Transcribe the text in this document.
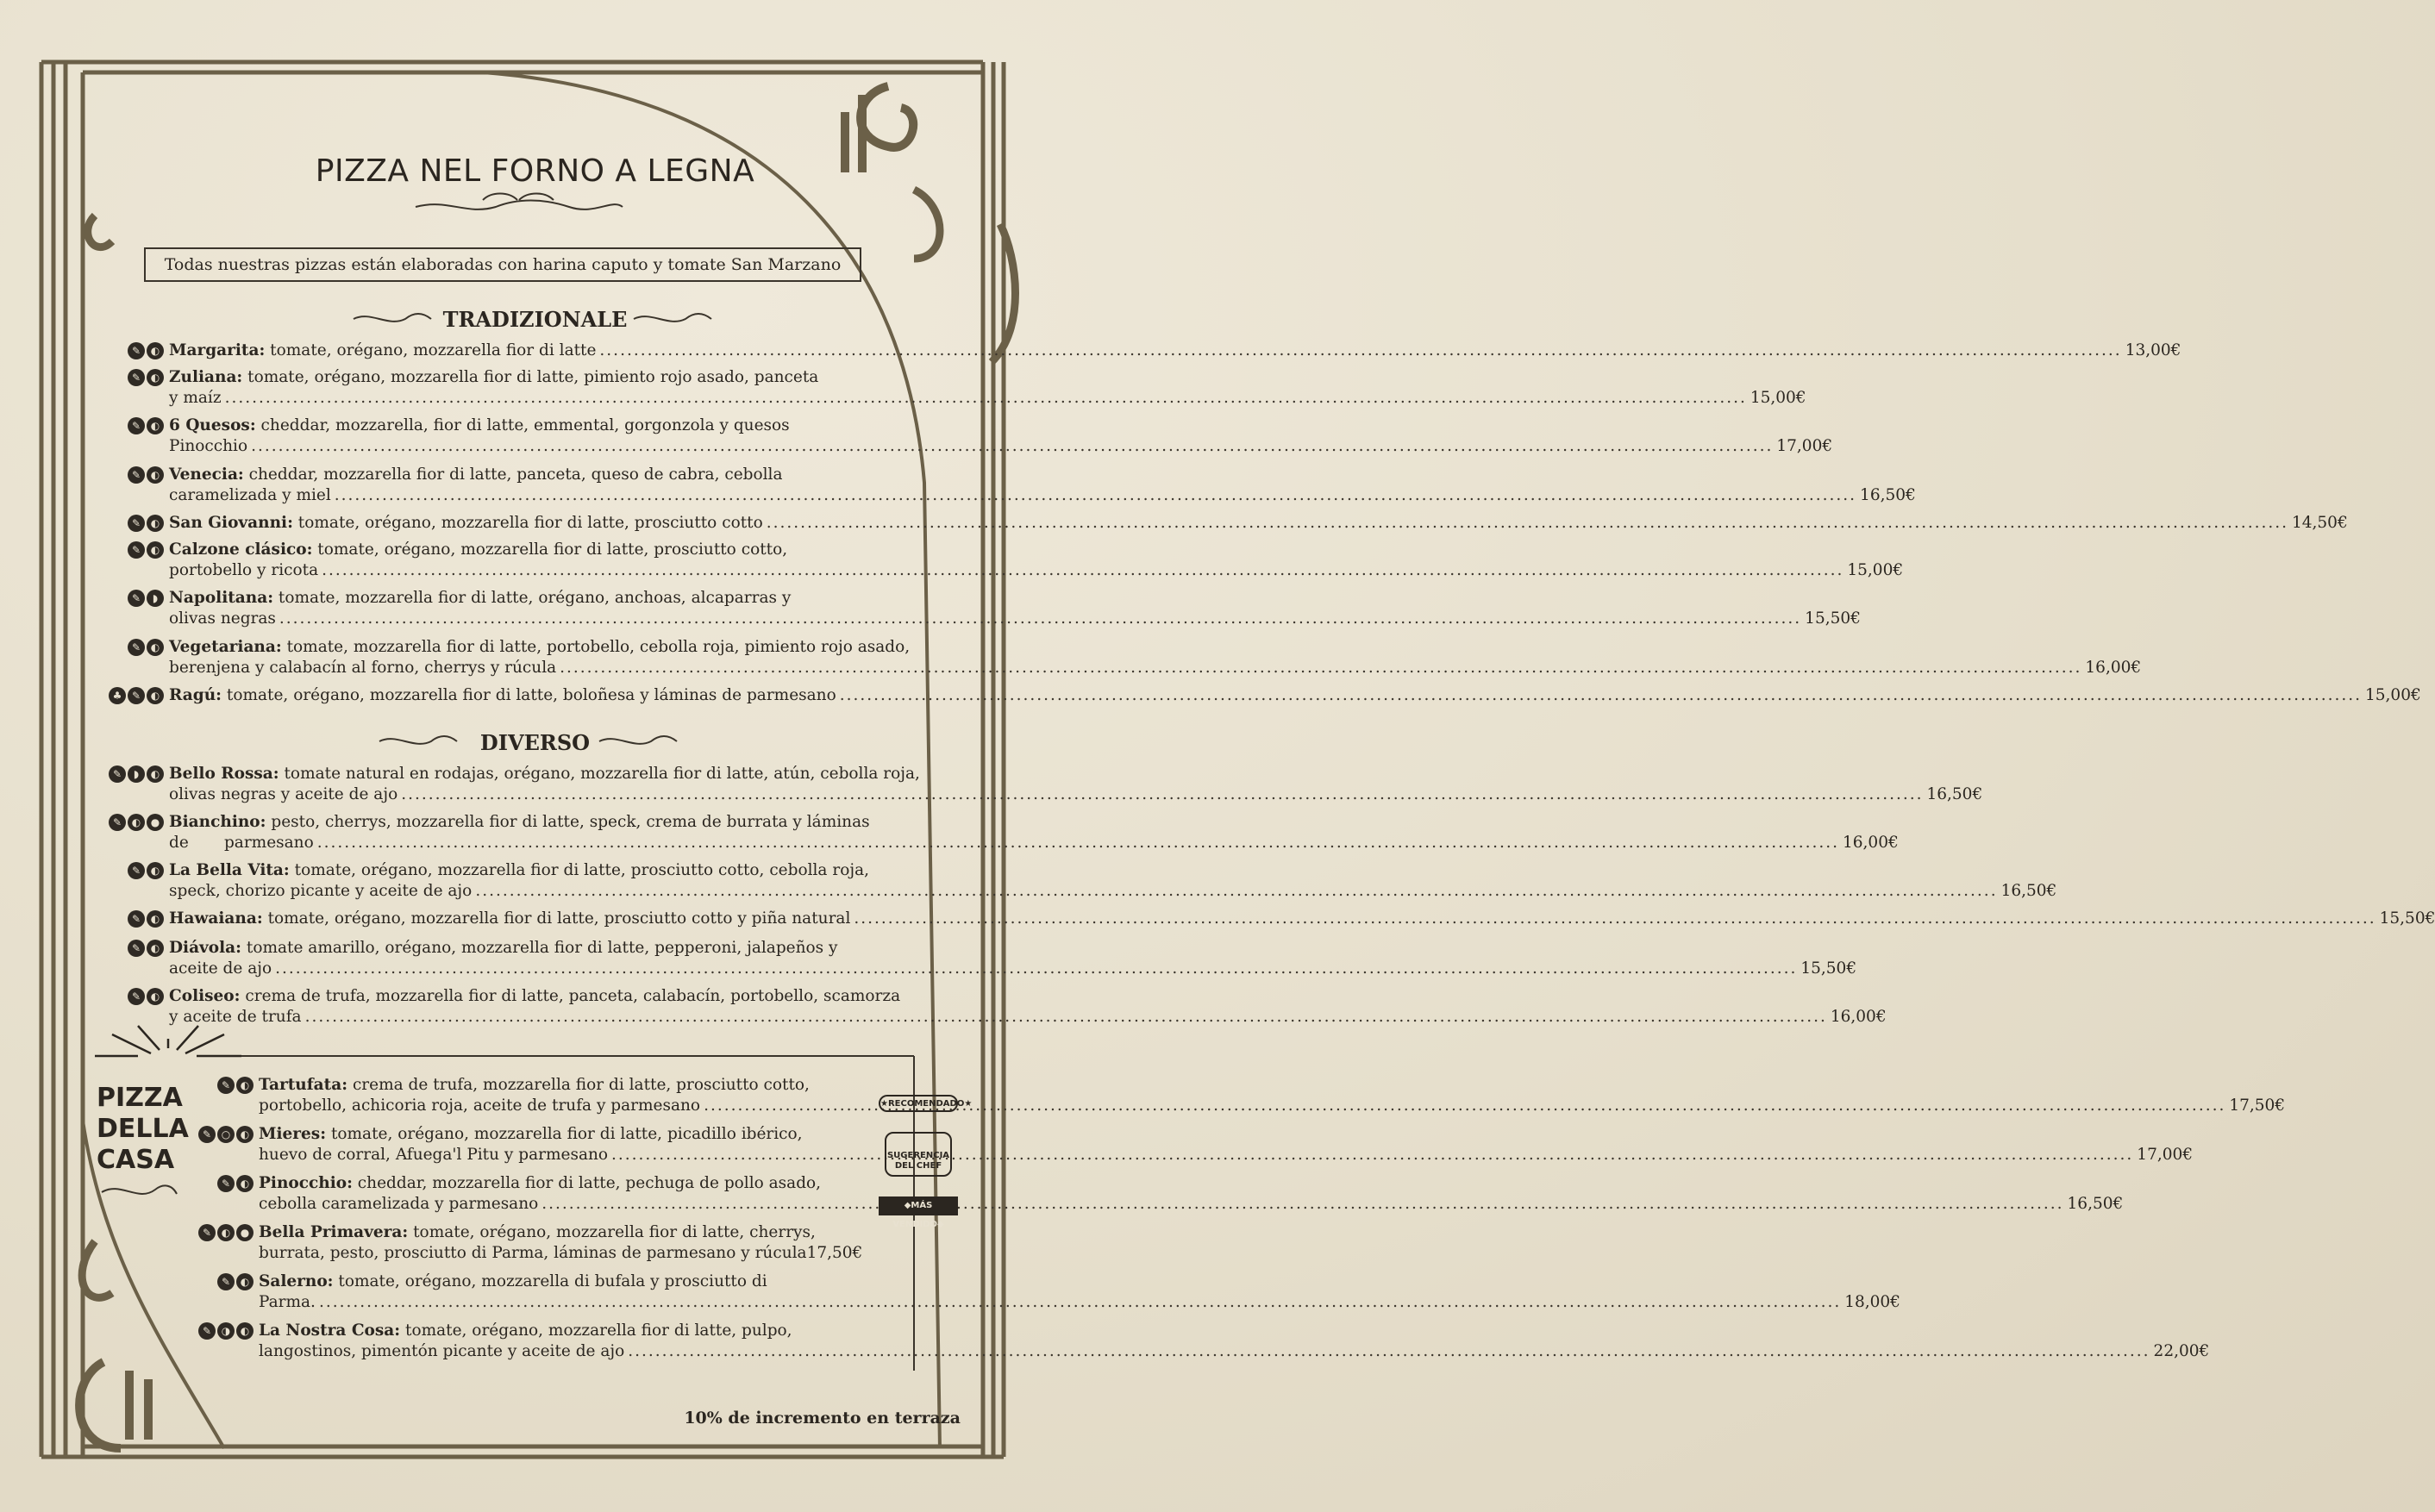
PIZZA NEL FORNO A LEGNA
Todas nuestras pizzas están elaboradas con harina caputo y tomate San Marzano
TRADIZIONALE
✎ ◐ Margarita: tomate, orégano, mozzarella fior di latte .....	13,00€
✎ ◐ Zuliana: tomate, orégano, mozzarella fior di latte, pimiento rojo asado, panceta
y maíz .....	15,00€
✎ ◐ 6 Quesos: cheddar, mozzarella, fior di latte, emmental, gorgonzola y quesos
Pinocchio .....	17,00€
✎ ◐ Venecia: cheddar, mozzarella fior di latte, panceta, queso de cabra, cebolla
caramelizada y miel .....	16,50€
✎ ◐ San Giovanni: tomate, orégano, mozzarella fior di latte, prosciutto cotto .....	14,50€
✎ ◐ Calzone clásico: tomate, orégano, mozzarella fior di latte, prosciutto cotto,
portobello y ricota .....	15,00€
✎	◗ Napolitana: tomate, mozzarella fior di latte, orégano, anchoas, alcaparras y
olivas negras .....	15,50€
✎ ◐ Vegetariana: tomate, mozzarella fior di latte, portobello, cebolla roja, pimiento rojo asado,
berenjena y calabacín al forno, cherrys y rúcula .....	16,00€
♣ ✎ ◐ Ragú: tomate, orégano, mozzarella fior di latte, boloñesa y láminas de parmesano .....	15,00€
DIVERSO
✎	◗	◐ Bello Rossa: tomate natural en rodajas, orégano, mozzarella fior di latte, atún, cebolla roja,
olivas negras y aceite de ajo .....	16,50€
✎ ◐ ● Bianchino: pesto, cherrys, mozzarella fior di latte, speck, crema de burrata y láminas
de       parmesano .....	16,00€
✎ ◐ La Bella Vita: tomate, orégano, mozzarella fior di latte, prosciutto cotto, cebolla roja,
speck, chorizo picante y aceite de ajo .....	16,50€
✎ ◐ Hawaiana: tomate, orégano, mozzarella fior di latte, prosciutto cotto y piña natural .....	15,50€
✎ ◐ Diávola: tomate amarillo, orégano, mozzarella fior di latte, pepperoni, jalapeños y
aceite de ajo .....	15,50€
✎ ◐ Coliseo: crema de trufa, mozzarella fior di latte, panceta, calabacín, portobello, scamorza
y aceite de trufa .....	16,00€
PIZZA DELLA CASA
✎ ◐ Tartufata: crema de trufa, mozzarella fior di latte, prosciutto cotto,
portobello, achicoria roja, aceite de trufa y parmesano .....	17,50€
✎ ○ ◐ Mieres: tomate, orégano, mozzarella fior di latte, picadillo ibérico,
huevo de corral, Afuega'l Pitu y parmesano .....	17,00€
✎ ◐ Pinocchio: cheddar, mozzarella fior di latte, pechuga de pollo asado,
cebolla caramelizada y parmesano .....	16,50€
✎ ◐ ● Bella Primavera: tomate, orégano, mozzarella fior di latte, cherrys,
burrata, pesto, prosciutto di Parma, láminas de parmesano y rúcula 17,50€
✎ ◐ Salerno: tomate, orégano, mozzarella di bufala y prosciutto di
Parma. .....	18,00€
✎ ◑ ◐ La Nostra Cosa: tomate, orégano, mozzarella fior di latte, pulpo,
langostinos, pimentón picante y aceite de ajo .....	22,00€
★RECOMENDADO★
SUGERENCIA
DEL CHEF
◆MÁS VENDIDO◆
10% de incremento en terraza
